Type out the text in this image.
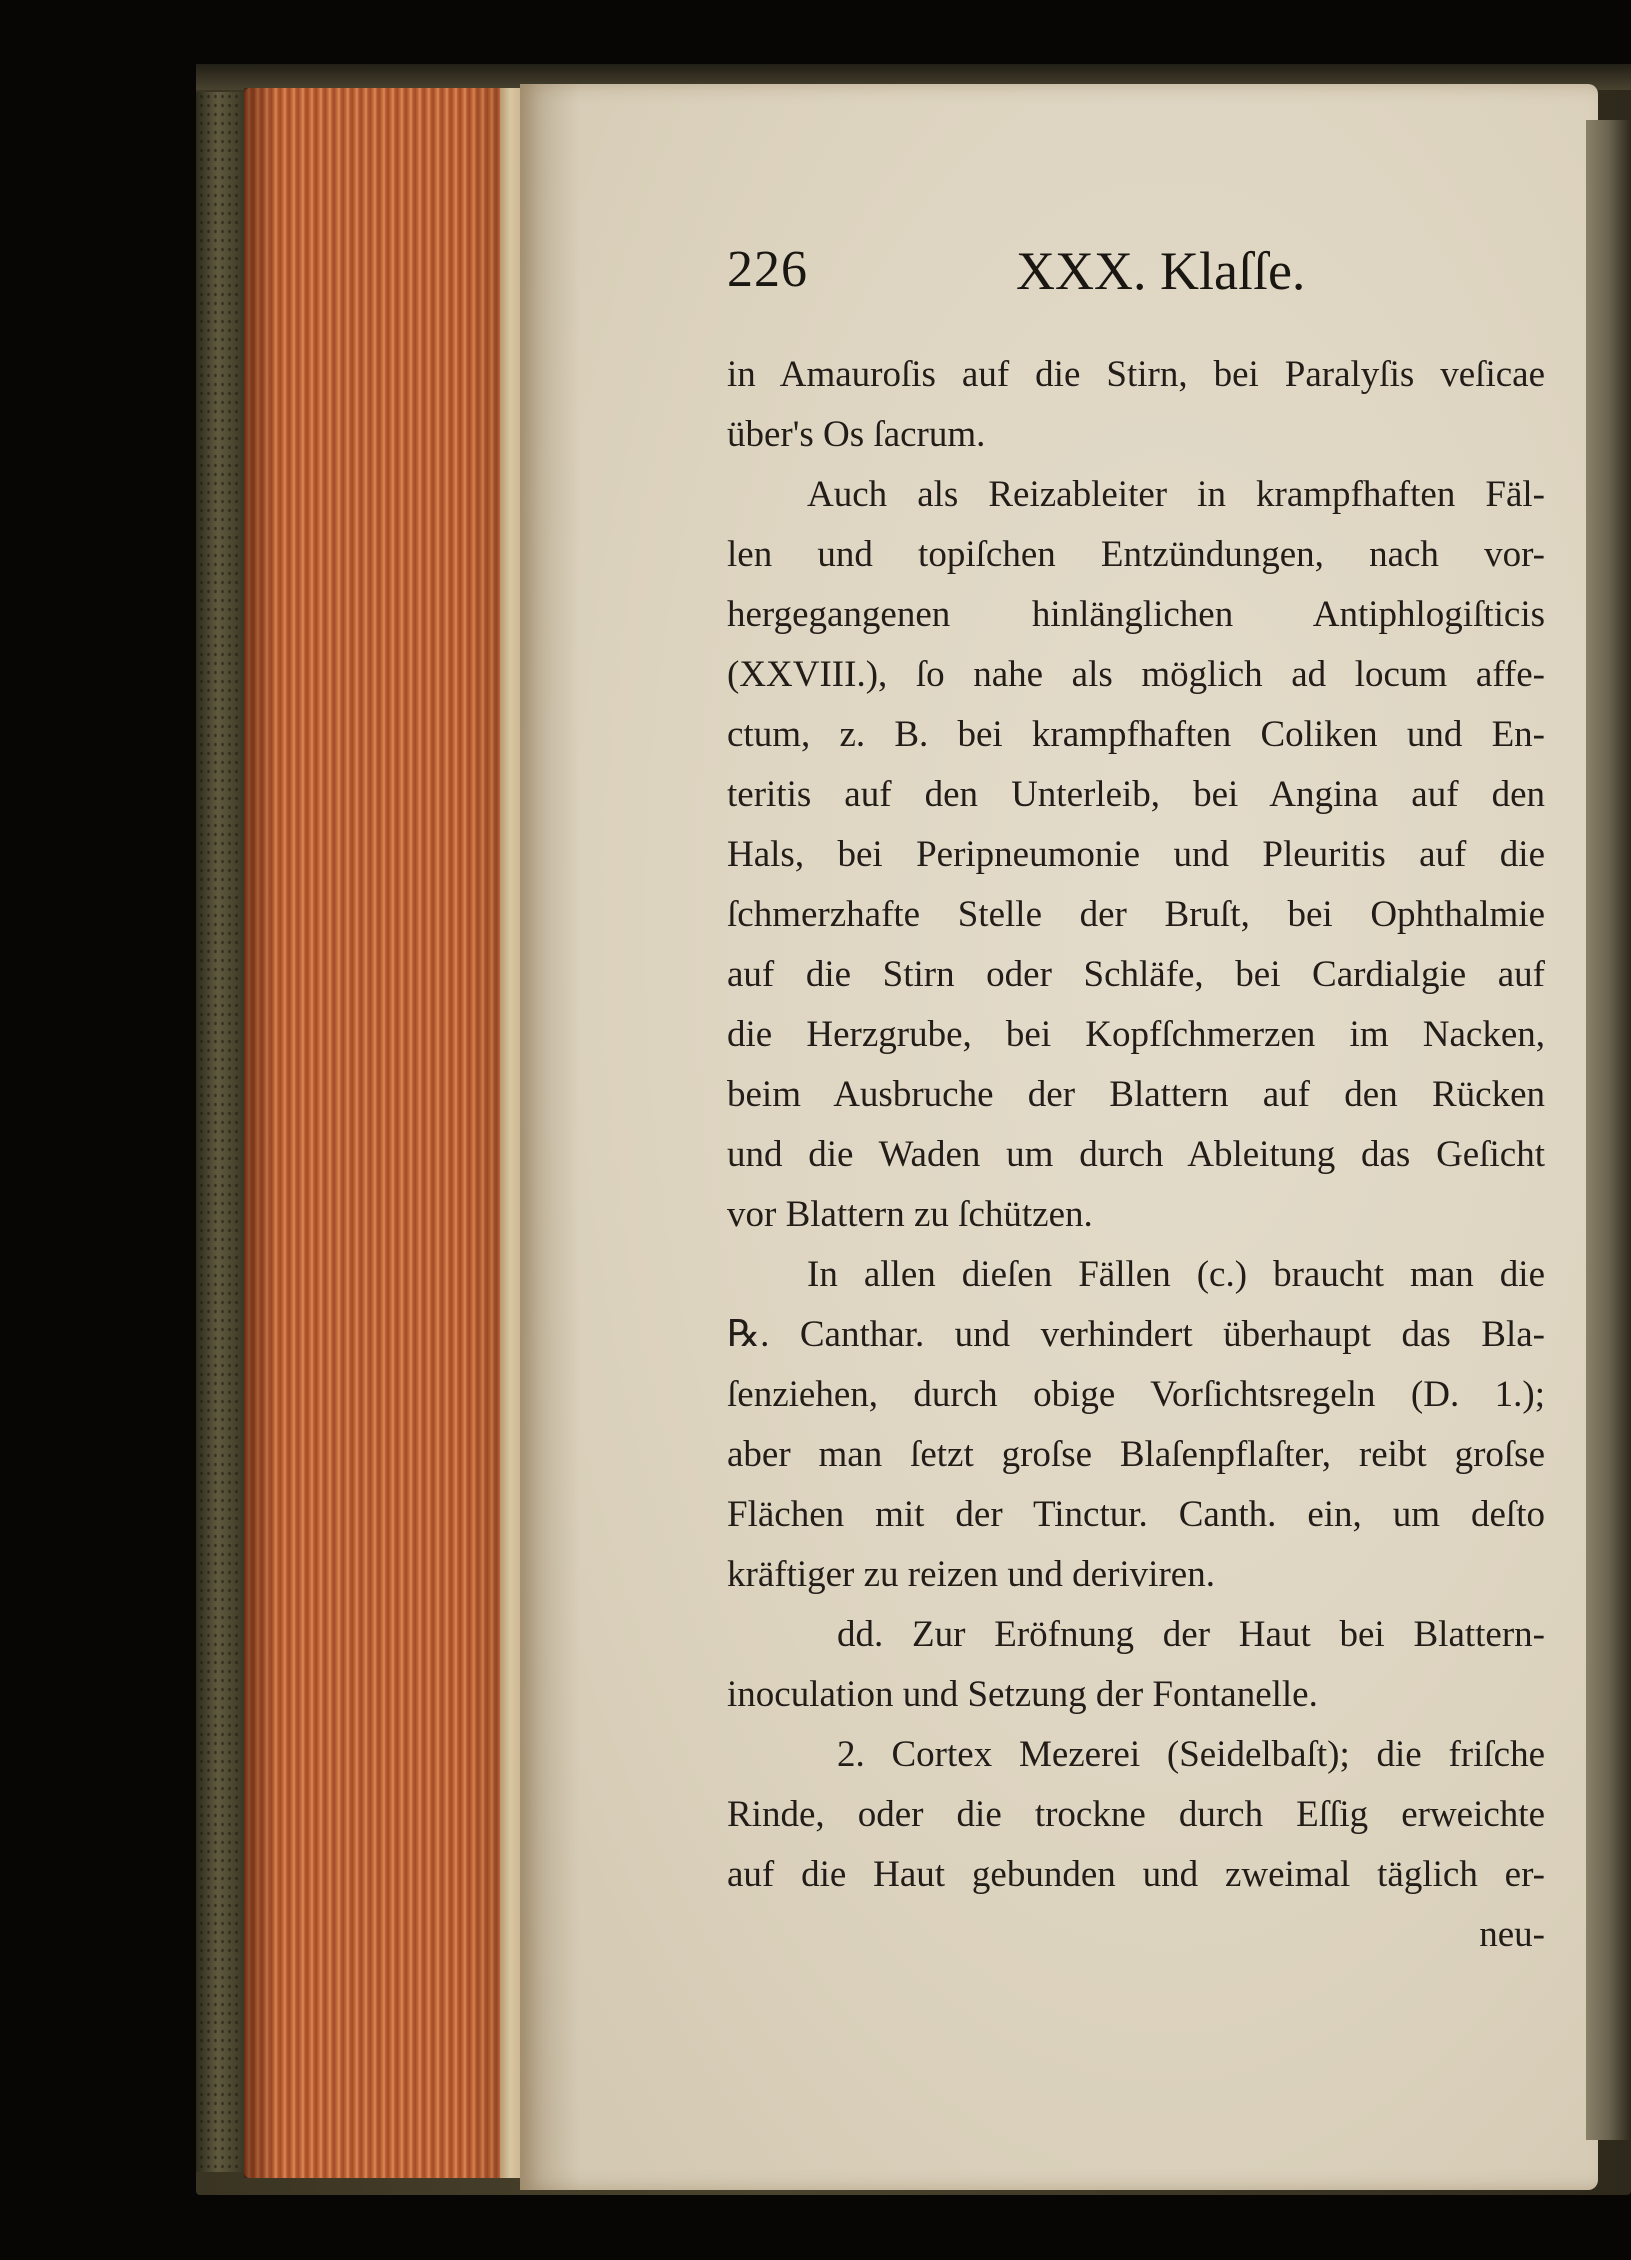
226	XXX. Klaſſe.
in Amauroſis auf die Stirn, bei Paralyſis veſicae
über's Os ſacrum.
Auch als Reizableiter in krampfhaften Fäl-
len und topiſchen Entzündungen, nach vor-
hergegangenen hinlänglichen Antiphlogiſticis
(XXVIII.), ſo nahe als möglich ad locum affe-
ctum, z. B. bei krampfhaften Coliken und En-
teritis auf den Unterleib, bei Angina auf den
Hals, bei Peripneumonie und Pleuritis auf die
ſchmerzhafte Stelle der Bruſt, bei Ophthalmie
auf die Stirn oder Schläfe, bei Cardialgie auf
die Herzgrube, bei Kopfſchmerzen im Nacken,
beim Ausbruche der Blattern auf den Rücken
und die Waden um durch Ableitung das Geſicht
vor Blattern zu ſchützen.
In allen dieſen Fällen (c.) braucht man die
℞. Canthar. und verhindert überhaupt das Bla-
ſenziehen, durch obige Vorſichtsregeln (D. 1.);
aber man ſetzt groſse Blaſenpflaſter, reibt groſse
Flächen mit der Tinctur. Canth. ein, um deſto
kräftiger zu reizen und deriviren.
dd. Zur Eröfnung der Haut bei Blattern-
inoculation und Setzung der Fontanelle.
2. Cortex Mezerei (Seidelbaſt); die friſche
Rinde, oder die trockne durch Eſſig erweichte
auf die Haut gebunden und zweimal täglich er-
neu-
